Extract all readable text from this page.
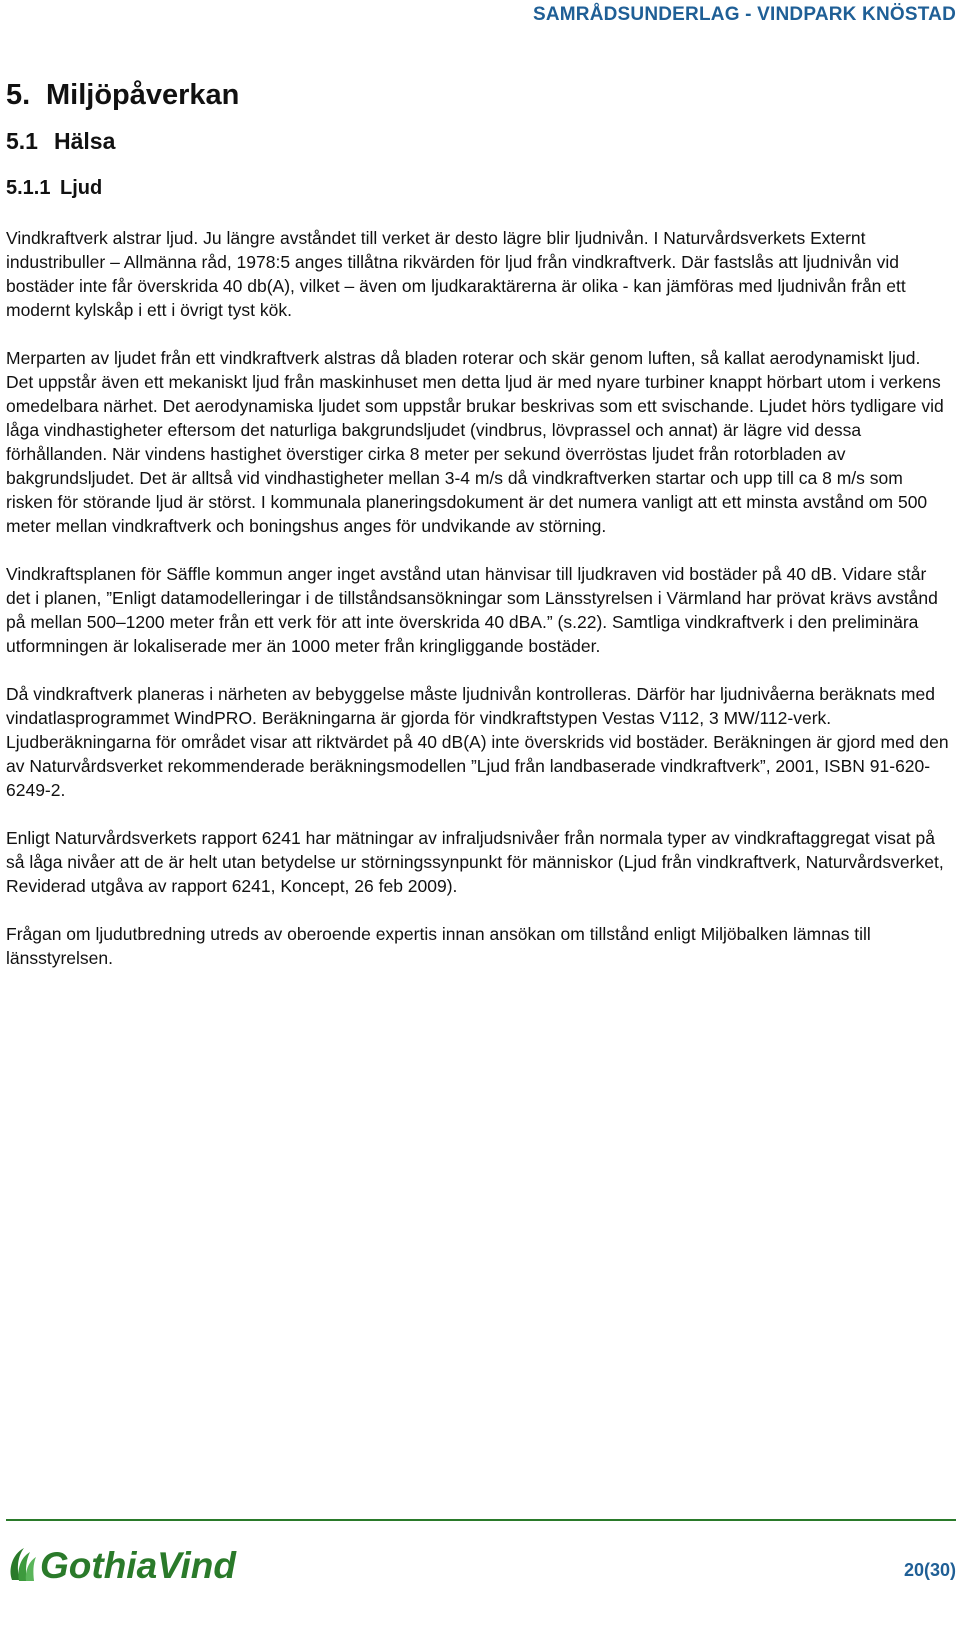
SAMRÅDSUNDERLAG - VINDPARK KNÖSTAD
5. Miljöpåverkan
5.1 Hälsa
5.1.1 Ljud

Vindkraftverk alstrar ljud. Ju längre avståndet till verket är desto lägre blir ljudnivån. I Naturvårdsverkets Externt industribuller – Allmänna råd, 1978:5 anges tillåtna rikvärden för ljud från vindkraftverk. Där fastslås att ljudnivån vid bostäder inte får överskrida 40 db(A), vilket – även om ljudkaraktärerna är olika - kan jämföras med ljudnivån från ett modernt kylskåp i ett i övrigt tyst kök.

Merparten av ljudet från ett vindkraftverk alstras då bladen roterar och skär genom luften, så kallat aerodynamiskt ljud. Det uppstår även ett mekaniskt ljud från maskinhuset men detta ljud är med nyare turbiner knappt hörbart utom i verkens omedelbara närhet. Det aerodynamiska ljudet som uppstår brukar beskrivas som ett svischande. Ljudet hörs tydligare vid låga vindhastigheter eftersom det naturliga bakgrundsljudet (vindbrus, lövprassel och annat) är lägre vid dessa förhållanden. När vindens hastighet överstiger cirka 8 meter per sekund överröstas ljudet från rotorbladen av bakgrundsljudet. Det är alltså vid vindhastigheter mellan 3-4 m/s då vindkraftverken startar och upp till ca 8 m/s som risken för störande ljud är störst. I kommunala planeringsdokument är det numera vanligt att ett minsta avstånd om 500 meter mellan vindkraftverk och boningshus anges för undvikande av störning.

Vindkraftsplanen för Säffle kommun anger inget avstånd utan hänvisar till ljudkraven vid bostäder på 40 dB. Vidare står det i planen, ”Enligt datamodelleringar i de tillståndsansökningar som Länsstyrelsen i Värmland har prövat krävs avstånd på mellan 500–1200 meter från ett verk för att inte överskrida 40 dBA.” (s.22). Samtliga vindkraftverk i den preliminära utformningen är lokaliserade mer än 1000 meter från kringliggande bostäder.

Då vindkraftverk planeras i närheten av bebyggelse måste ljudnivån kontrolleras. Därför har ljudnivåerna beräknats med vindatlasprogrammet WindPRO. Beräkningarna är gjorda för vindkraftstypen Vestas V112, 3 MW/112-verk. Ljudberäkningarna för området visar att riktvärdet på 40 dB(A) inte överskrids vid bostäder. Beräkningen är gjord med den av Naturvårdsverket rekommenderade beräkningsmodellen ”Ljud från landbaserade vindkraftverk”, 2001, ISBN 91-620-6249-2.

Enligt Naturvårdsverkets rapport 6241 har mätningar av infraljudsnivåer från normala typer av vindkraftaggregat visat på så låga nivåer att de är helt utan betydelse ur störningssynpunkt för människor (Ljud från vindkraftverk, Naturvårdsverket, Reviderad utgåva av rapport 6241, Koncept, 26 feb 2009).

Frågan om ljudutbredning utreds av oberoende expertis innan ansökan om tillstånd enligt Miljöbalken lämnas till länsstyrelsen.

GothiaVind	20(30)
